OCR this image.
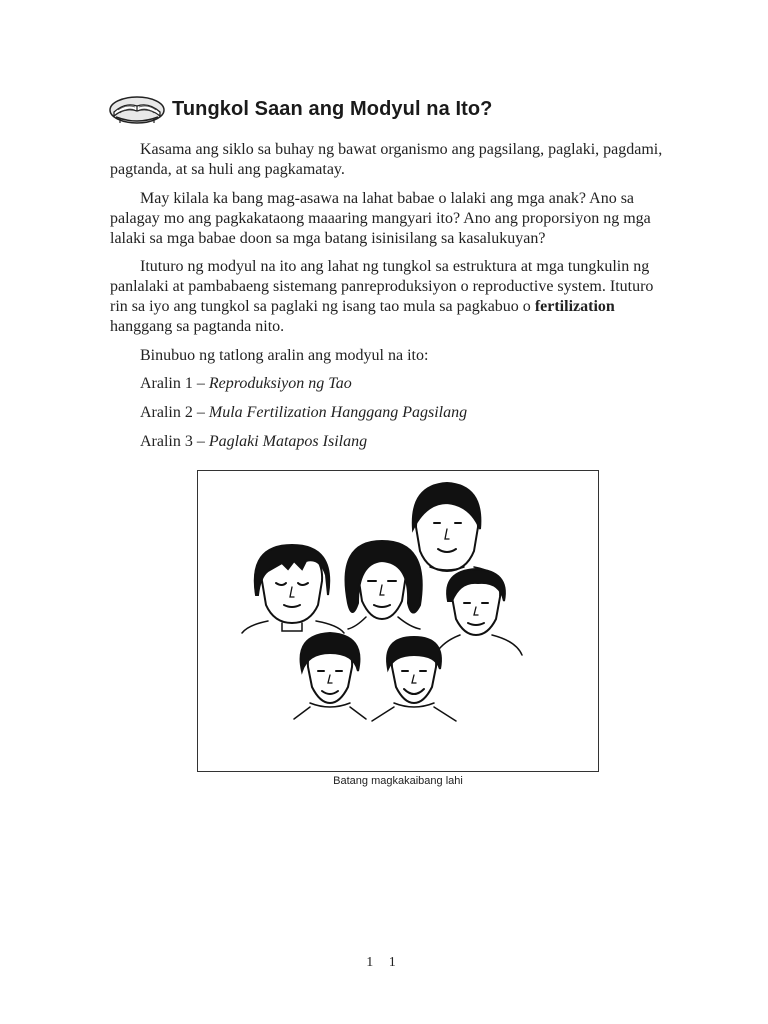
Tungkol Saan ang Modyul na Ito?

Kasama ang siklo sa buhay ng bawat organismo ang pagsilang, paglaki, pagdami, pagtanda, at sa huli ang pagkamatay.

May kilala ka bang mag-asawa na lahat babae o lalaki ang mga anak? Ano sa palagay mo ang pagkakataong maaaring mangyari ito? Ano ang proporsiyon ng mga lalaki sa mga babae doon sa mga batang isinisilang sa kasalukuyan?

Ituturo ng modyul na ito ang lahat ng tungkol sa estruktura at mga tungkulin ng panlalaki at pambabaeng sistemang panreproduksiyon o reproductive system. Ituturo rin sa iyo ang tungkol sa paglaki ng isang tao mula sa pagkabuo o fertilization hanggang sa pagtanda nito.

Binubuo ng tatlong aralin ang modyul na ito:

Aralin 1 – Reproduksiyon ng Tao
Aralin 2 – Mula Fertilization Hanggang Pagsilang
Aralin 3 – Paglaki Matapos Isilang
Batang magkakaibang lahi
1 1
